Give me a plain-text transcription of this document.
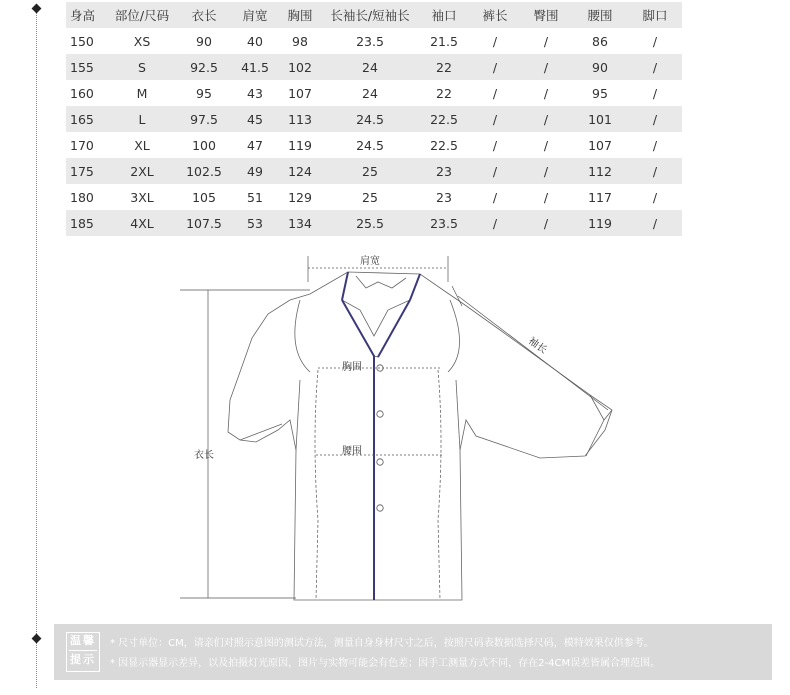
身高	部位/尺码	衣长	肩宽	胸围	长袖长/短袖长	袖口	裤长	臀围	腰围	脚口
150	XS	90	40	98	23.5	21.5	/	/	86	/
155	S	92.5	41.5	102	24	22	/	/	90	/
160	M	95	43	107	24	22	/	/	95	/
165	L	97.5	45	113	24.5	22.5	/	/	101	/
170	XL	100	47	119	24.5	22.5	/	/	107	/
175	2XL	102.5	49	124	25	23	/	/	112	/
180	3XL	105	51	129	25	23	/	/	117	/
185	4XL	107.5	53	134	25.5	23.5	/	/	119	/
肩宽
胸围
腰围
衣长
袖长
温馨
提示
* 尺寸单位：CM，请亲们对照示意图的测试方法，测量自身身材尺寸之后，按照尺码表数据选择尺码，模特效果仅供参考。
* 因显示器显示差异，以及拍摄灯光原因，图片与实物可能会有色差；因手工测量方式不同，存在2-4CM误差皆属合理范围。
